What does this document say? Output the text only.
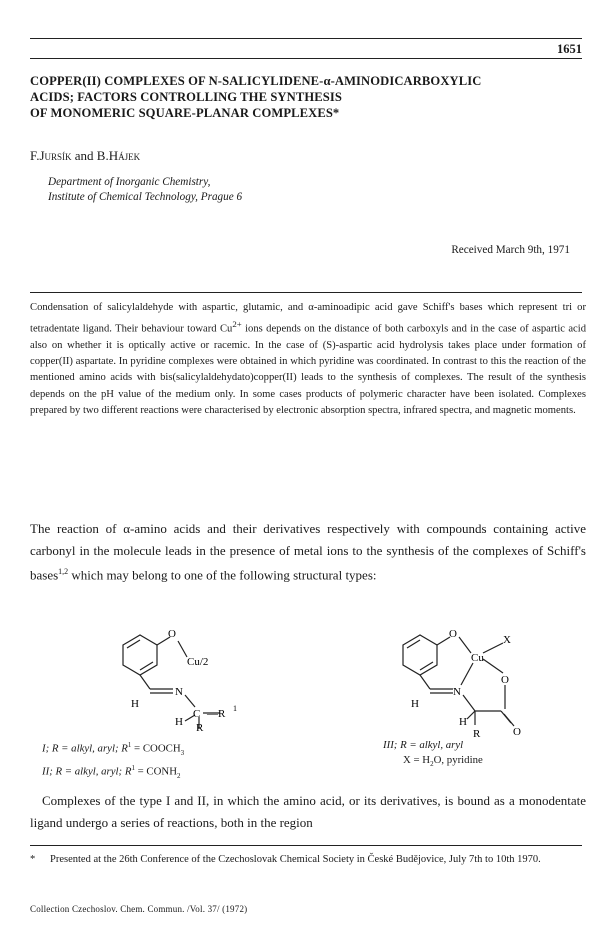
1651
COPPER(II) COMPLEXES OF N-SALICYLIDENE-α-AMINODICARBOXYLIC
ACIDS; FACTORS CONTROLLING THE SYNTHESIS
OF MONOMERIC SQUARE-PLANAR COMPLEXES*
F.Jursík and B.Hájek
Department of Inorganic Chemistry,
Institute of Chemical Technology, Prague 6
Received March 9th, 1971
Condensation of salicylaldehyde with aspartic, glutamic, and α-aminoadipic acid gave Schiff's bases which represent tri or tetradentate ligand. Their behaviour toward $Cu^{2+}$ ions depends on the distance of both carboxyls and in the case of aspartic acid also on whether it is optically active or racemic. In the case of (S)-aspartic acid hydrolysis takes place under formation of copper(II) aspartate. In pyridine complexes were obtained in which pyridine was coordinated. In contrast to this the reaction of the mentioned amino acids with bis(salicylaldehydato)copper(II) leads to the synthesis of complexes. The result of the synthesis depends on the pH value of the medium only. In some cases products of polymeric character have been isolated. Complexes prepared by two different reactions were characterised by electronic absorption spectra, infrared spectra, and magnetic moments.
The reaction of α-amino acids and their derivatives respectively with compounds containing active carbonyl in the molecule leads in the presence of metal ions to the synthesis of the complexes of Schiff's bases$^{1,2}$ which may belong to one of the following structural types:
O
Cu/2
N
C —R 1
H
H R
O
Cu
X
O
N
O
H
H
R
I; R = alkyl, aryl; $R^1$ = $COOCH_3$
II; R = alkyl, aryl; $R^1$ = $CONH_2$
III; R = alkyl, aryl
$X = H_2O$, pyridine
Complexes of the type I and II, in which the amino acid, or its derivatives, is bound as a monodentate ligand undergo a series of reactions, both in the region
* Presented at the 26th Conference of the Czechoslovak Chemical Society in České Budějovice, July 7th to 10th 1970.
Collection Czechoslov. Chem. Commun. /Vol. 37/ (1972)
